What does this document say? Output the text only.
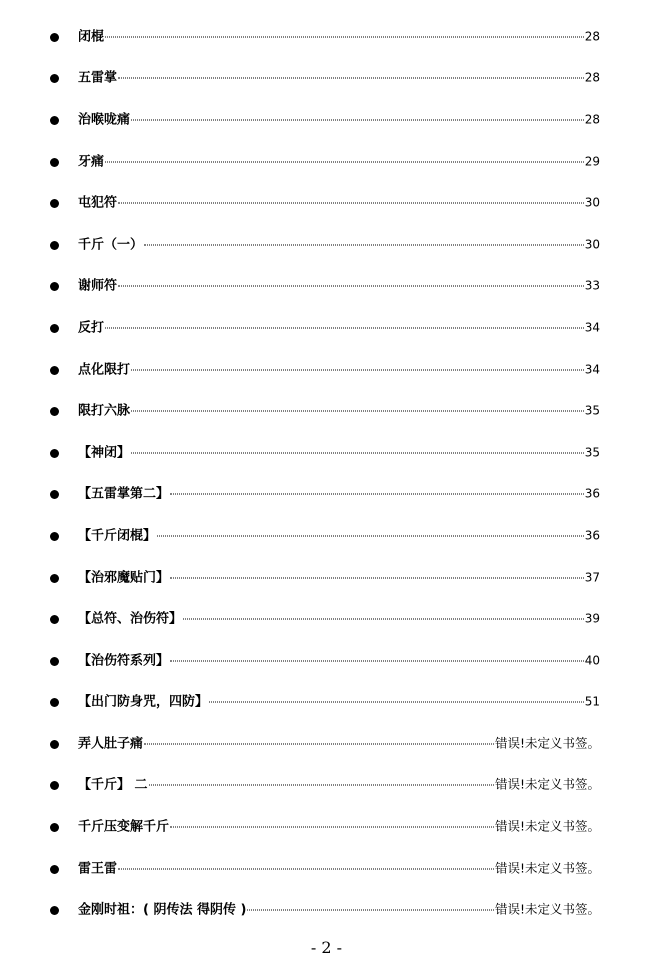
闭棍	28
五雷掌	28
治喉咙痛	28
牙痛	29
屯犯符	30
千斤（一）	30
谢师符	33
反打	34
点化限打	34
限打六脉	35
【神闭】	35
【五雷掌第二】	36
【千斤闭棍】	36
【治邪魔贴门】	37
【总符、治伤符】	39
【治伤符系列】	40
【出门防身咒，四防】	51
弄人肚子痛	错误!未定义书签。
【千斤】 二	错误!未定义书签。
千斤压变解千斤	错误!未定义书签。
雷王雷	错误!未定义书签。
金刚时祖：( 阴传法 得阴传 )	错误!未定义书签。
- 2 -
